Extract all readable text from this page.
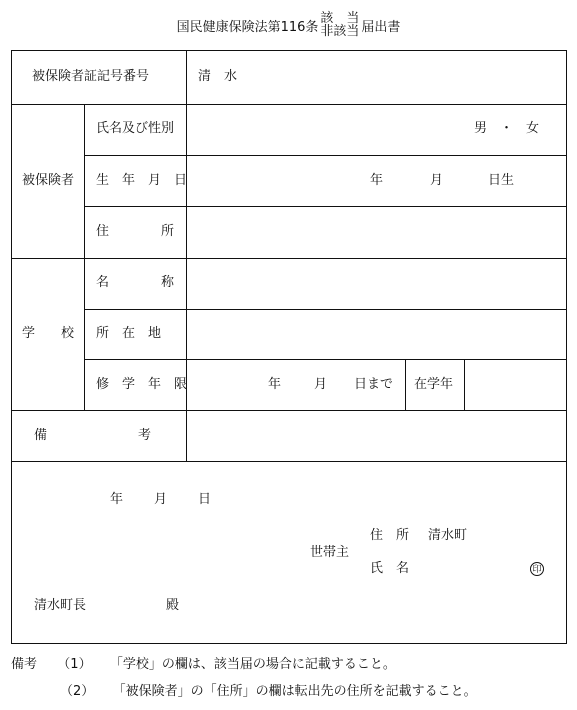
国民健康保険法第116条
該　当
非該当 届出書
被保険者証記号番号	清　水
被保険者
氏名及び性別	男　・　女
生　年　月　日	年	月	日生
住　　　　所
学　　校
名　　　　称
所　在　地
修　学　年　限	年	月 日まで 在学年
備　　　　　　　考
年 月 日
世帯主
住　所 清水町
氏　名	印
清水町長	殿
備考 （1） 「学校」の欄は、該当届の場合に記載すること。
（2） 「被保険者」の「住所」の欄は転出先の住所を記載すること。
